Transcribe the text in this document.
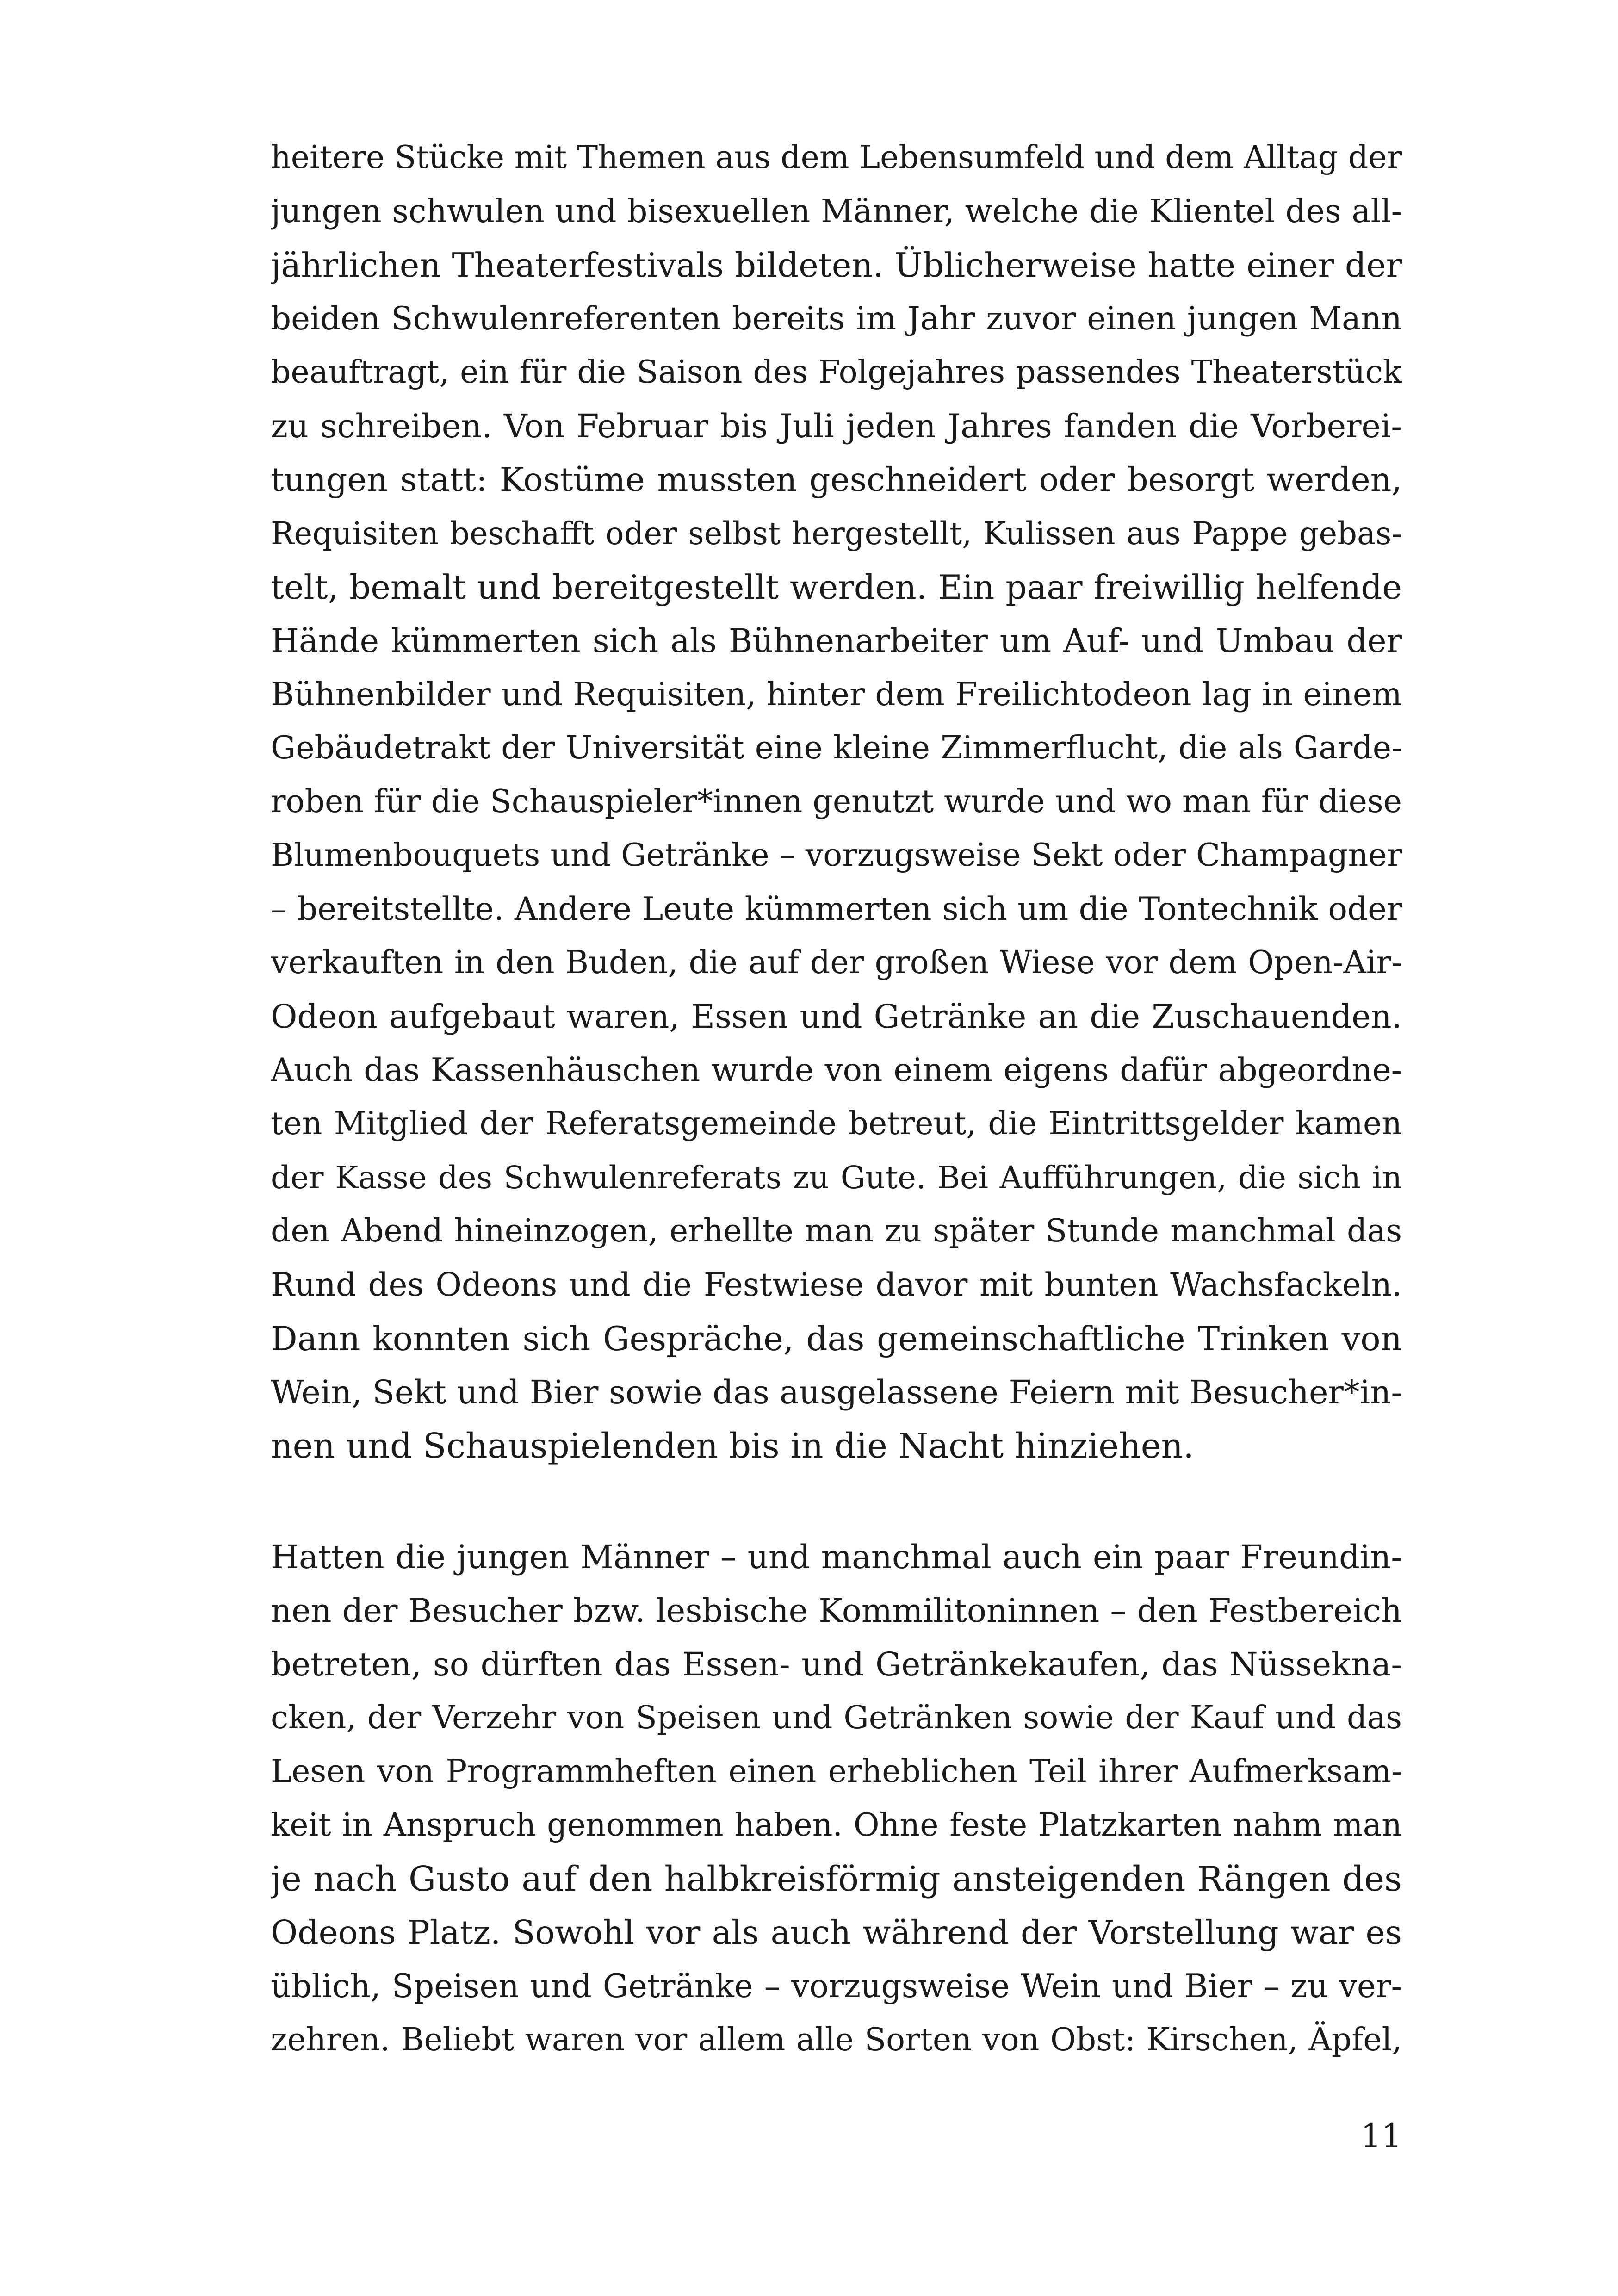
heitere Stücke mit Themen aus dem Lebensumfeld und dem Alltag der
jungen schwulen und bisexuellen Männer, welche die Klientel des all-
jährlichen Theaterfestivals bildeten. Üblicherweise hatte einer der
beiden Schwulenreferenten bereits im Jahr zuvor einen jungen Mann
beauftragt, ein für die Saison des Folgejahres passendes Theaterstück
zu schreiben. Von Februar bis Juli jeden Jahres fanden die Vorberei-
tungen statt: Kostüme mussten geschneidert oder besorgt werden,
Requisiten beschafft oder selbst hergestellt, Kulissen aus Pappe gebas-
telt, bemalt und bereitgestellt werden. Ein paar freiwillig helfende
Hände kümmerten sich als Bühnenarbeiter um Auf- und Umbau der
Bühnenbilder und Requisiten, hinter dem Freilichtodeon lag in einem
Gebäudetrakt der Universität eine kleine Zimmerflucht, die als Garde-
roben für die Schauspieler*innen genutzt wurde und wo man für diese
Blumenbouquets und Getränke – vorzugsweise Sekt oder Champagner
– bereitstellte. Andere Leute kümmerten sich um die Tontechnik oder
verkauften in den Buden, die auf der großen Wiese vor dem Open-Air-
Odeon aufgebaut waren, Essen und Getränke an die Zuschauenden.
Auch das Kassenhäuschen wurde von einem eigens dafür abgeordne-
ten Mitglied der Referatsgemeinde betreut, die Eintrittsgelder kamen
der Kasse des Schwulenreferats zu Gute. Bei Aufführungen, die sich in
den Abend hineinzogen, erhellte man zu später Stunde manchmal das
Rund des Odeons und die Festwiese davor mit bunten Wachsfackeln.
Dann konnten sich Gespräche, das gemeinschaftliche Trinken von
Wein, Sekt und Bier sowie das ausgelassene Feiern mit Besucher*in-
nen und Schauspielenden bis in die Nacht hinziehen.
Hatten die jungen Männer – und manchmal auch ein paar Freundin-
nen der Besucher bzw. lesbische Kommilitoninnen – den Festbereich
betreten, so dürften das Essen- und Getränkekaufen, das Nüsseknа-
cken, der Verzehr von Speisen und Getränken sowie der Kauf und das
Lesen von Programmheften einen erheblichen Teil ihrer Aufmerksam-
keit in Anspruch genommen haben. Ohne feste Platzkarten nahm man
je nach Gusto auf den halbkreisförmig ansteigenden Rängen des
Odeons Platz. Sowohl vor als auch während der Vorstellung war es
üblich, Speisen und Getränke – vorzugsweise Wein und Bier – zu ver-
zehren. Beliebt waren vor allem alle Sorten von Obst: Kirschen, Äpfel,
11
